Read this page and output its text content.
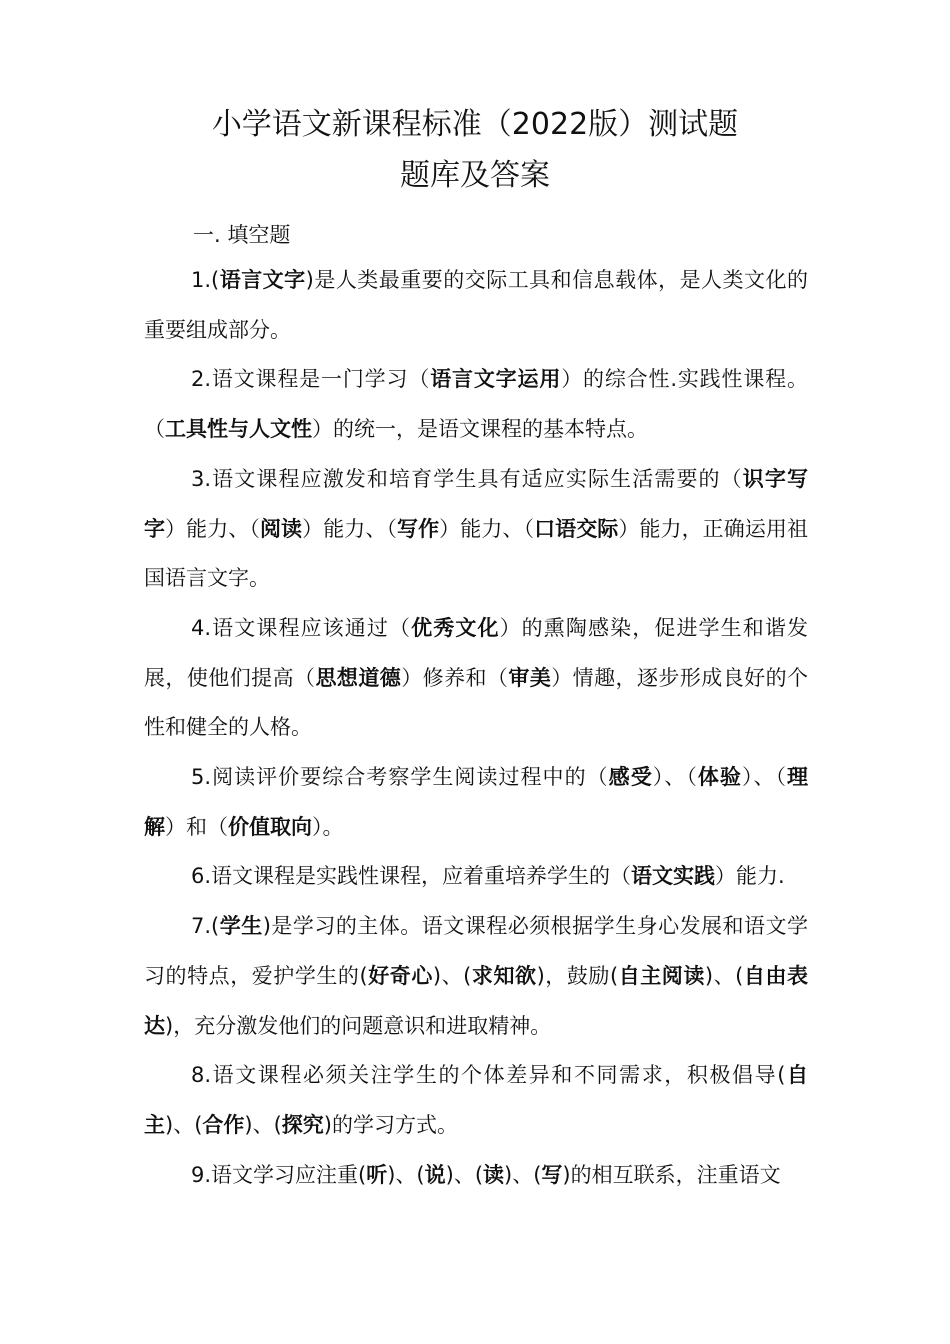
小学语文新课程标准（2022版）测试题
题库及答案
一. 填空题

1.(语言文字)是人类最重要的交际工具和信息载体，是人类文化的重要组成部分。

2.语文课程是一门学习（语言文字运用）的综合性.实践性课程。（工具性与人文性）的统一，是语文课程的基本特点。

3.语文课程应激发和培育学生具有适应实际生活需要的（识字写字）能力、（阅读）能力、（写作）能力、（口语交际）能力，正确运用祖国语言文字。

4.语文课程应该通过（优秀文化）的熏陶感染，促进学生和谐发展，使他们提高（思想道德）修养和（审美）情趣，逐步形成良好的个性和健全的人格。

5.阅读评价要综合考察学生阅读过程中的（感受）、（体验）、（理解）和（价值取向）。

6.语文课程是实践性课程，应着重培养学生的（语文实践）能力.

7.(学生)是学习的主体。语文课程必须根据学生身心发展和语文学习的特点，爱护学生的(好奇心)、(求知欲)，鼓励(自主阅读)、(自由表达)，充分激发他们的问题意识和进取精神。

8.语文课程必须关注学生的个体差异和不同需求，积极倡导(自主)、(合作)、(探究)的学习方式。

9.语文学习应注重(听)、(说)、(读)、(写)的相互联系，注重语文
